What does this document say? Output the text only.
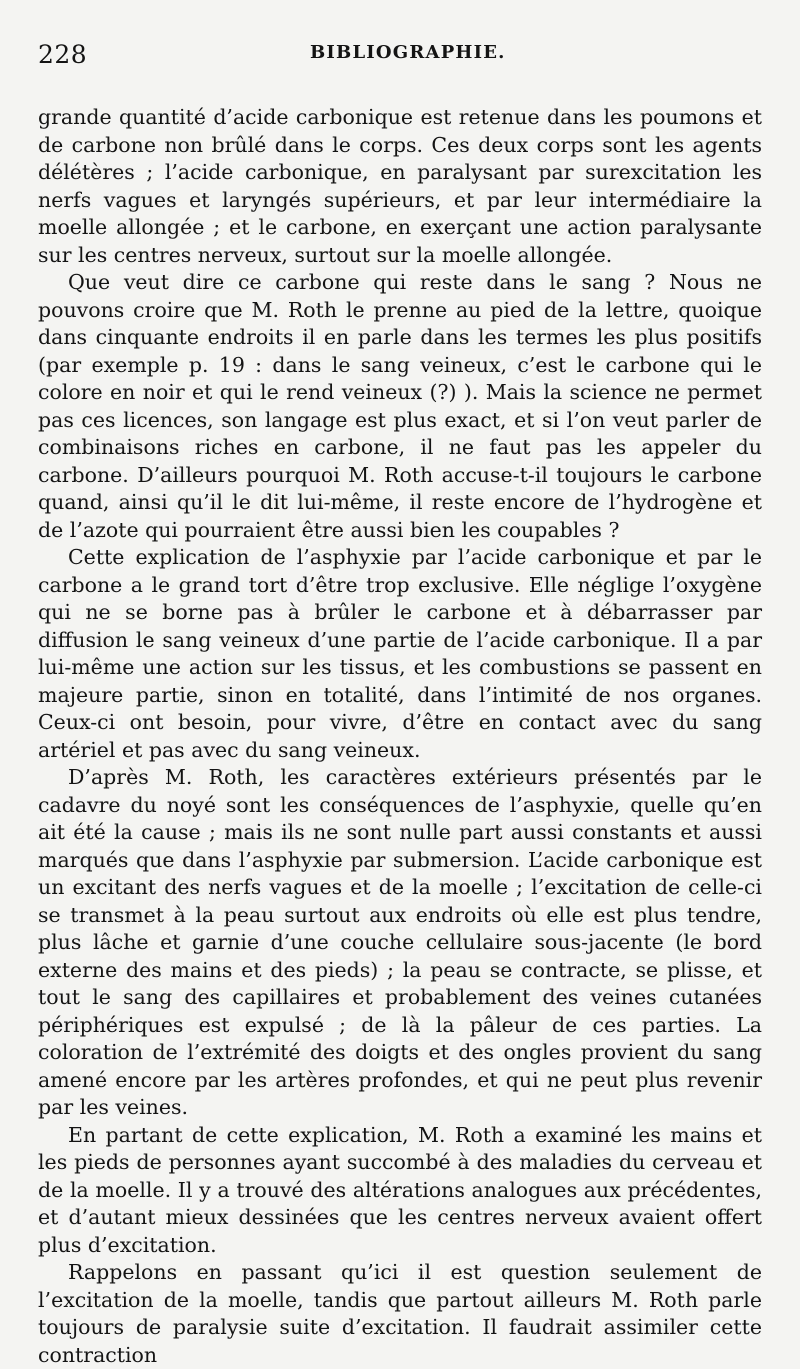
228	BIBLIOGRAPHIE.

grande quantité d’acide carbonique est retenue dans les poumons et de carbone non brûlé dans le corps. Ces deux corps sont les agents délétères ; l’acide carbonique, en paralysant par surexcitation les nerfs vagues et laryngés supérieurs, et par leur intermédiaire la moelle allongée ; et le carbone, en exerçant une action paralysante sur les centres nerveux, surtout sur la moelle allongée.

Que veut dire ce carbone qui reste dans le sang ? Nous ne pouvons croire que M. Roth le prenne au pied de la lettre, quoique dans cinquante endroits il en parle dans les termes les plus positifs (par exemple p. 19 : dans le sang veineux, c’est le carbone qui le colore en noir et qui le rend veineux (?) ). Mais la science ne permet pas ces licences, son langage est plus exact, et si l’on veut parler de combinaisons riches en carbone, il ne faut pas les appeler du carbone. D’ailleurs pourquoi M. Roth accuse-t-il toujours le carbone quand, ainsi qu’il le dit lui-même, il reste encore de l’hydrogène et de l’azote qui pourraient être aussi bien les coupables ?

Cette explication de l’asphyxie par l’acide carbonique et par le carbone a le grand tort d’être trop exclusive. Elle néglige l’oxygène qui ne se borne pas à brûler le carbone et à débarrasser par diffusion le sang veineux d’une partie de l’acide carbonique. Il a par lui-même une action sur les tissus, et les combustions se passent en majeure partie, sinon en totalité, dans l’intimité de nos organes. Ceux-ci ont besoin, pour vivre, d’être en contact avec du sang artériel et pas avec du sang veineux.

D’après M. Roth, les caractères extérieurs présentés par le cadavre du noyé sont les conséquences de l’asphyxie, quelle qu’en ait été la cause ; mais ils ne sont nulle part aussi constants et aussi marqués que dans l’asphyxie par submersion. L’acide carbonique est un excitant des nerfs vagues et de la moelle ; l’excitation de celle-ci se transmet à la peau surtout aux endroits où elle est plus tendre, plus lâche et garnie d’une couche cellulaire sous-jacente (le bord externe des mains et des pieds) ; la peau se contracte, se plisse, et tout le sang des capillaires et probablement des veines cutanées périphériques est expulsé ; de là la pâleur de ces parties. La coloration de l’extrémité des doigts et des ongles provient du sang amené encore par les artères profondes, et qui ne peut plus revenir par les veines.

En partant de cette explication, M. Roth a examiné les mains et les pieds de personnes ayant succombé à des maladies du cerveau et de la moelle. Il y a trouvé des altérations analogues aux précédentes, et d’autant mieux dessinées que les centres nerveux avaient offert plus d’excitation.

Rappelons en passant qu’ici il est question seulement de l’excitation de la moelle, tandis que partout ailleurs M. Roth parle toujours de paralysie suite d’excitation. Il faudrait assimiler cette contraction
